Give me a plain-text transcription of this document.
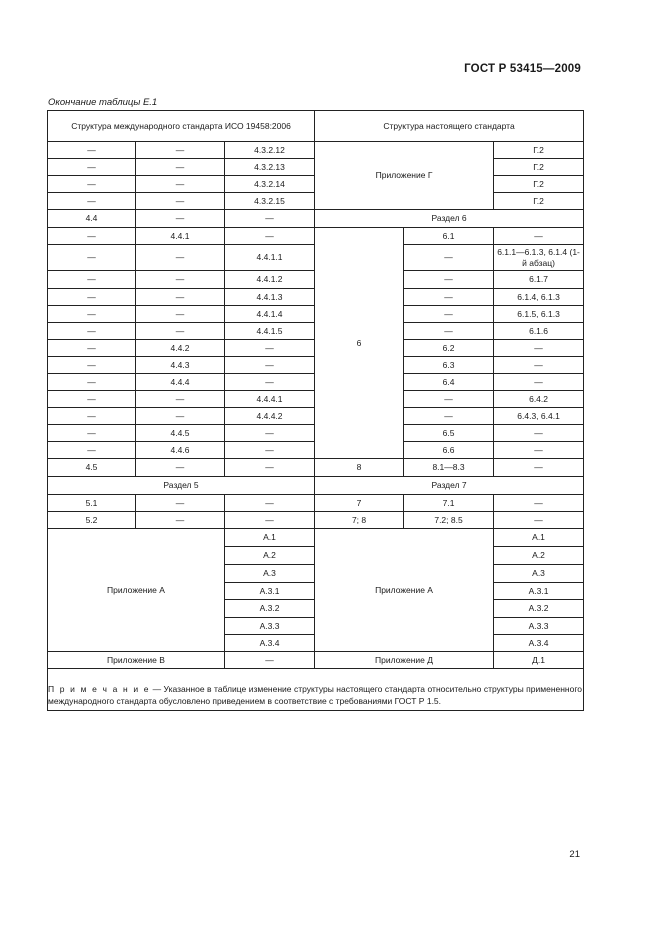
ГОСТ Р 53415—2009
Окончание таблицы Е.1
Структура международного стандарта ИСО 19458:2006			Структура настоящего стандарта		
—	—	4.3.2.12	Приложение Г		Г.2
—	—	4.3.2.13			Г.2
—	—	4.3.2.14			Г.2
—	—	4.3.2.15			Г.2
4.4	—	—	Раздел 6		
—	4.4.1	—	6	6.1	—
—	—	4.4.1.1		—	6.1.1—6.1.3, 6.1.4 (1-й абзац)
—	—	4.4.1.2		—	6.1.7
—	—	4.4.1.3		—	6.1.4, 6.1.3
—	—	4.4.1.4		—	6.1.5, 6.1.3
—	—	4.4.1.5		—	6.1.6
—	4.4.2	—		6.2	—
—	4.4.3	—		6.3	—
—	4.4.4	—		6.4	—
—	—	4.4.4.1		—	6.4.2
—	—	4.4.4.2		—	6.4.3, 6.4.1
—	4.4.5	—		6.5	—
—	4.4.6	—		6.6	—
4.5	—	—	8	8.1—8.3	—
Раздел 5			Раздел 7		
5.1	—	—	7	7.1	—
5.2	—	—	7; 8	7.2; 8.5	—
Приложение А		А.1	Приложение А		А.1
		А.2			А.2
		А.3			А.3
		А.3.1			А.3.1
		А.3.2			А.3.2
		А.3.3			А.3.3
		А.3.4			А.3.4
Приложение В		—	Приложение Д		Д.1

П р и м е ч а н и е — Указанное в таблице изменение структуры настоящего стандарта относительно структуры примененного международного стандарта обусловлено приведением в соответствие с требованиями ГОСТ Р 1.5.
21
